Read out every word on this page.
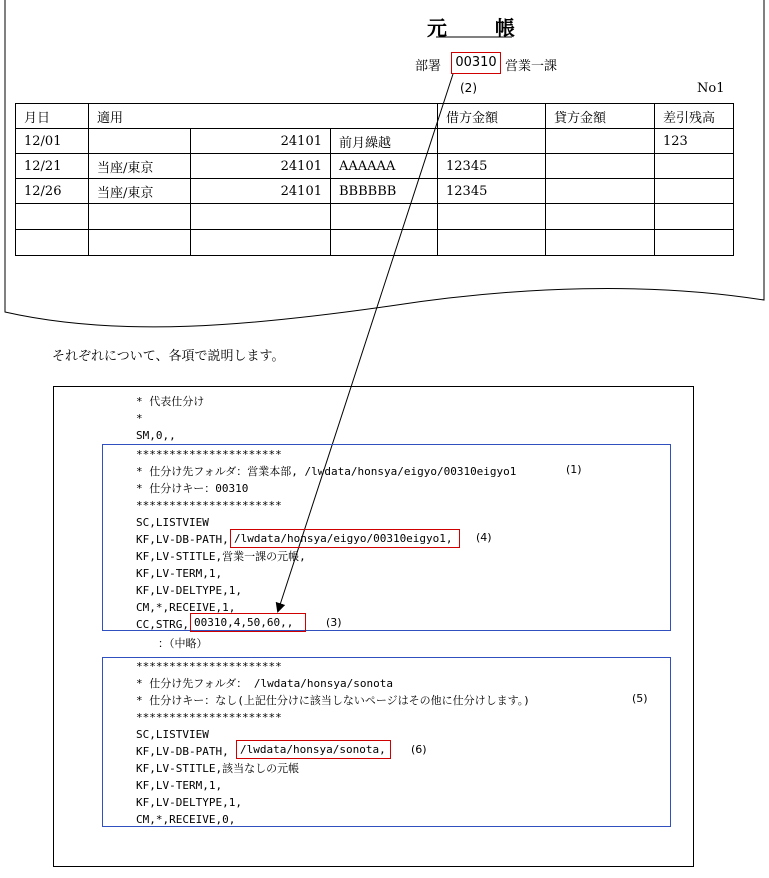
元　帳
部署	00310 営業一課
(2)	No1
月日	適用			借方金額	貸方金額	差引残高
12/01		24101	前月繰越			123
12/21	当座/東京	24101	AAAAAA	12345		
12/26	当座/東京	24101	BBBBBB	12345		

それぞれについて、各項で説明します。
* 代表仕分け
*
SM,0,,
**********************
* 仕分け先フォルダ：営業本部, /lwdata/honsya/eigyo/00310eigyo1	(1)
* 仕分けキー：00310
**********************
SC,LISTVIEW
KF,LV-DB-PATH, /lwdata/honsya/eigyo/00310eigyo1,	(4)
KF,LV-STITLE,営業一課の元帳,
KF,LV-TERM,1,
KF,LV-DELTYPE,1,
CM,*,RECEIVE,1,
CC,STRG, 00310,4,50,60,,	(3)
：（中略）
**********************
* 仕分け先フォルダ： /lwdata/honsya/sonota
* 仕分けキー：なし(上記仕分けに該当しないページはその他に仕分けします。)	(5)
**********************
SC,LISTVIEW
KF,LV-DB-PATH,	/lwdata/honsya/sonota,	(6)
KF,LV-STITLE,該当なしの元帳
KF,LV-TERM,1,
KF,LV-DELTYPE,1,
CM,*,RECEIVE,0,
